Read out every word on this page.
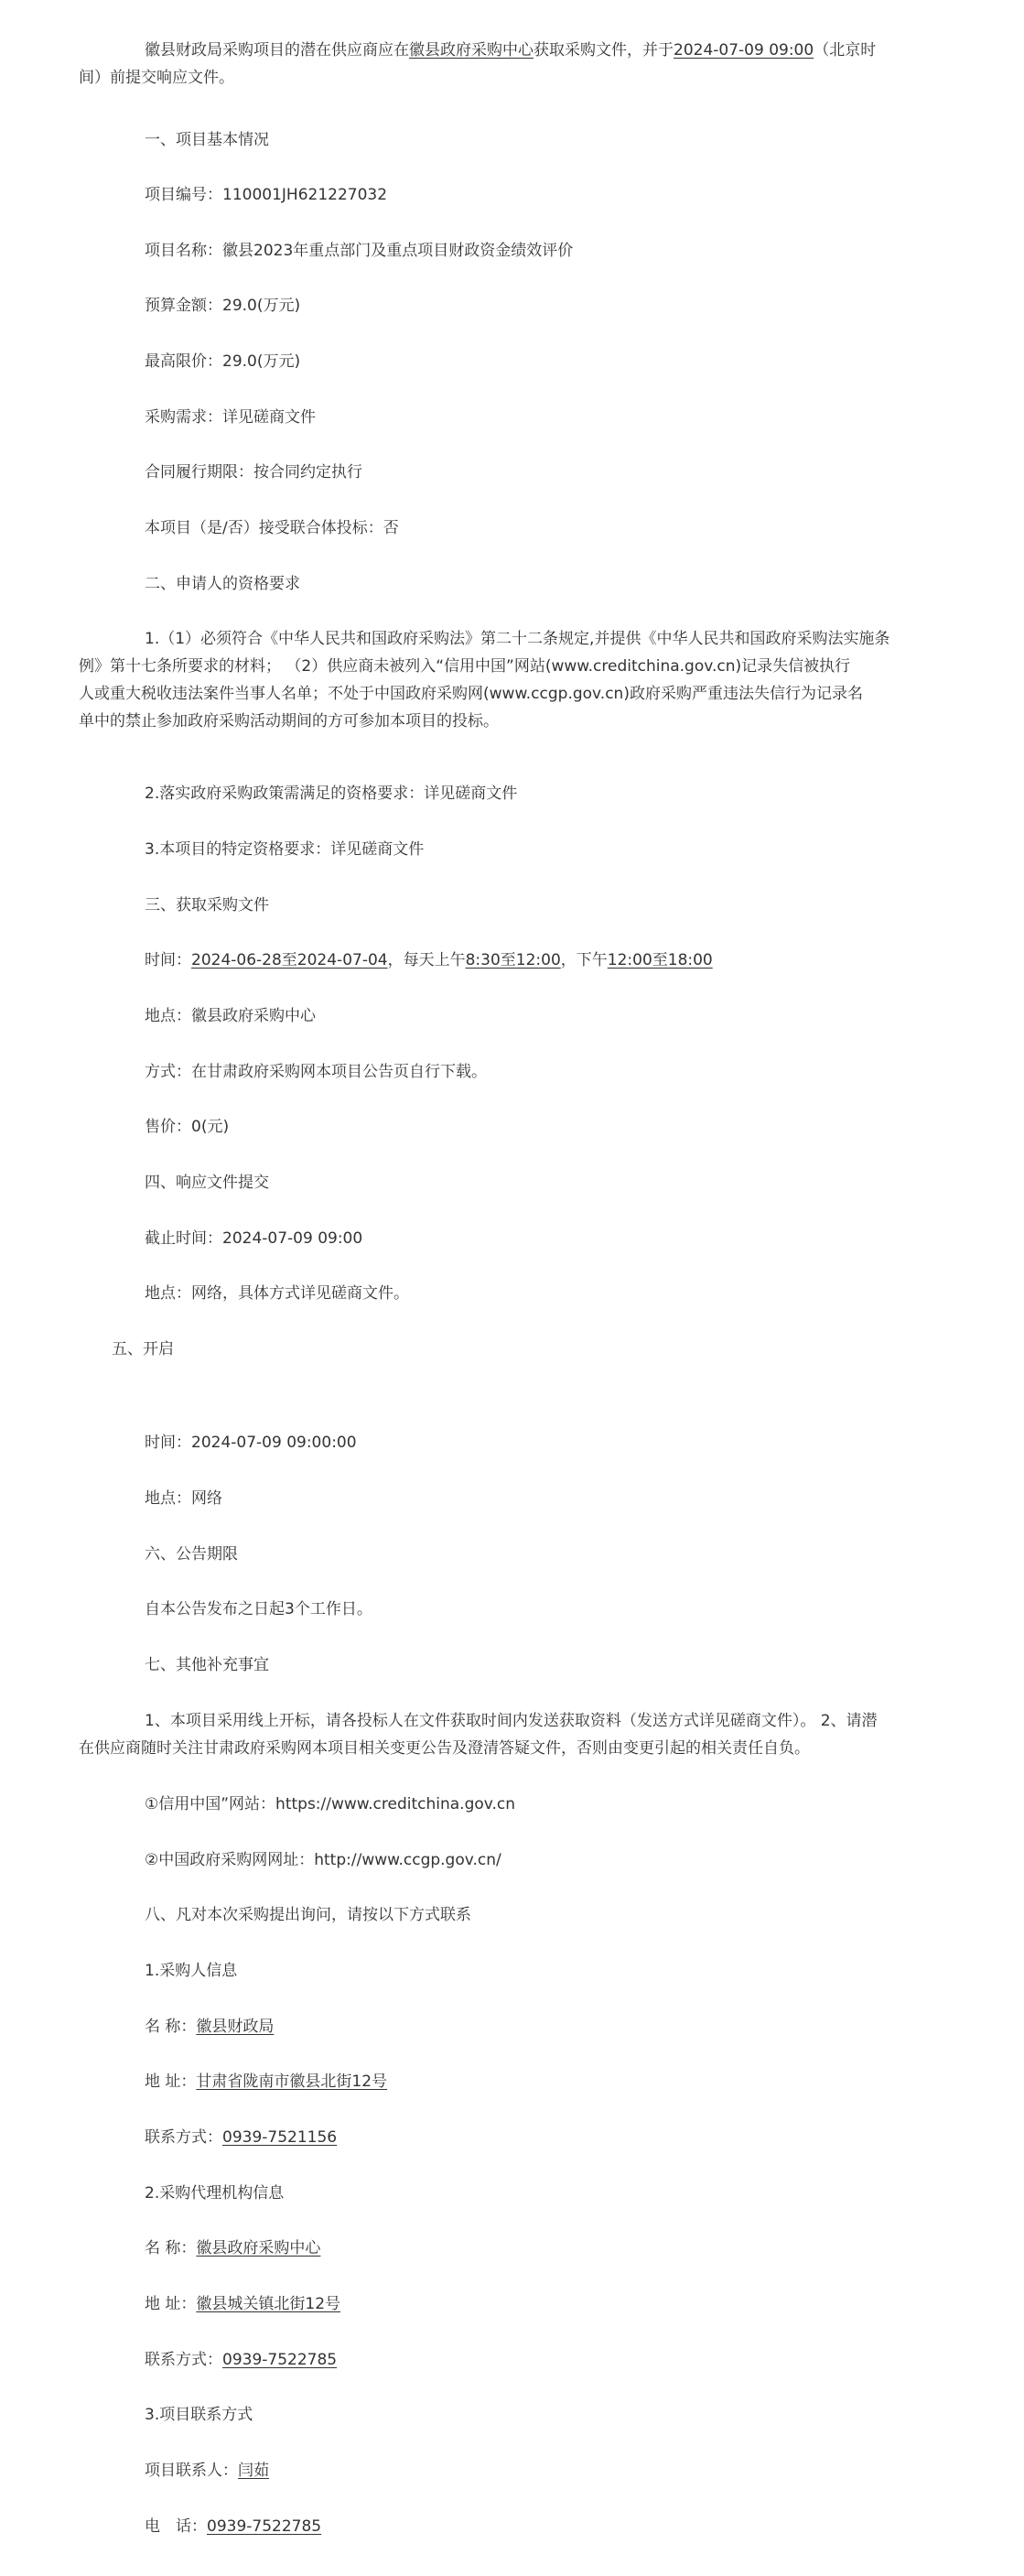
徽县财政局采购项目的潜在供应商应在徽县政府采购中心获取采购文件，并于2024-07-09 09:00（北京时
间）前提交响应文件。

一、项目基本情况

项目编号：110001JH621227032

项目名称：徽县2023年重点部门及重点项目财政资金绩效评价

预算金额：29.0(万元)

最高限价：29.0(万元)

采购需求：详见磋商文件

合同履行期限：按合同约定执行

本项目（是/否）接受联合体投标：否

二、申请人的资格要求

1.（1）必须符合《中华人民共和国政府采购法》第二十二条规定,并提供《中华人民共和国政府采购法实施条
例》第十七条所要求的材料； （2）供应商未被列入“信用中国”网站(www.creditchina.gov.cn)记录失信被执行
人或重大税收违法案件当事人名单；不处于中国政府采购网(www.ccgp.gov.cn)政府采购严重违法失信行为记录名
单中的禁止参加政府采购活动期间的方可参加本项目的投标。

2.落实政府采购政策需满足的资格要求：详见磋商文件

3.本项目的特定资格要求：详见磋商文件

三、获取采购文件

时间：2024-06-28至2024-07-04，每天上午8:30至12:00，下午12:00至18:00

地点：徽县政府采购中心

方式：在甘肃政府采购网本项目公告页自行下载。

售价：0(元)

四、响应文件提交

截止时间：2024-07-09 09:00

地点：网络，具体方式详见磋商文件。

五、开启

时间：2024-07-09 09:00:00

地点：网络

六、公告期限

自本公告发布之日起3个工作日。

七、其他补充事宜

1、本项目采用线上开标，请各投标人在文件获取时间内发送获取资料（发送方式详见磋商文件）。 2、请潜
在供应商随时关注甘肃政府采购网本项目相关变更公告及澄清答疑文件，否则由变更引起的相关责任自负。

①信用中国”网站：https://www.creditchina.gov.cn

②中国政府采购网网址：http://www.ccgp.gov.cn/

八、凡对本次采购提出询问，请按以下方式联系

1.采购人信息

名 称：徽县财政局

地 址：甘肃省陇南市徽县北街12号

联系方式：0939-7521156

2.采购代理机构信息

名 称：徽县政府采购中心

地 址：徽县城关镇北街12号

联系方式：0939-7522785

3.项目联系方式

项目联系人：闫茹

电　话：0939-7522785
